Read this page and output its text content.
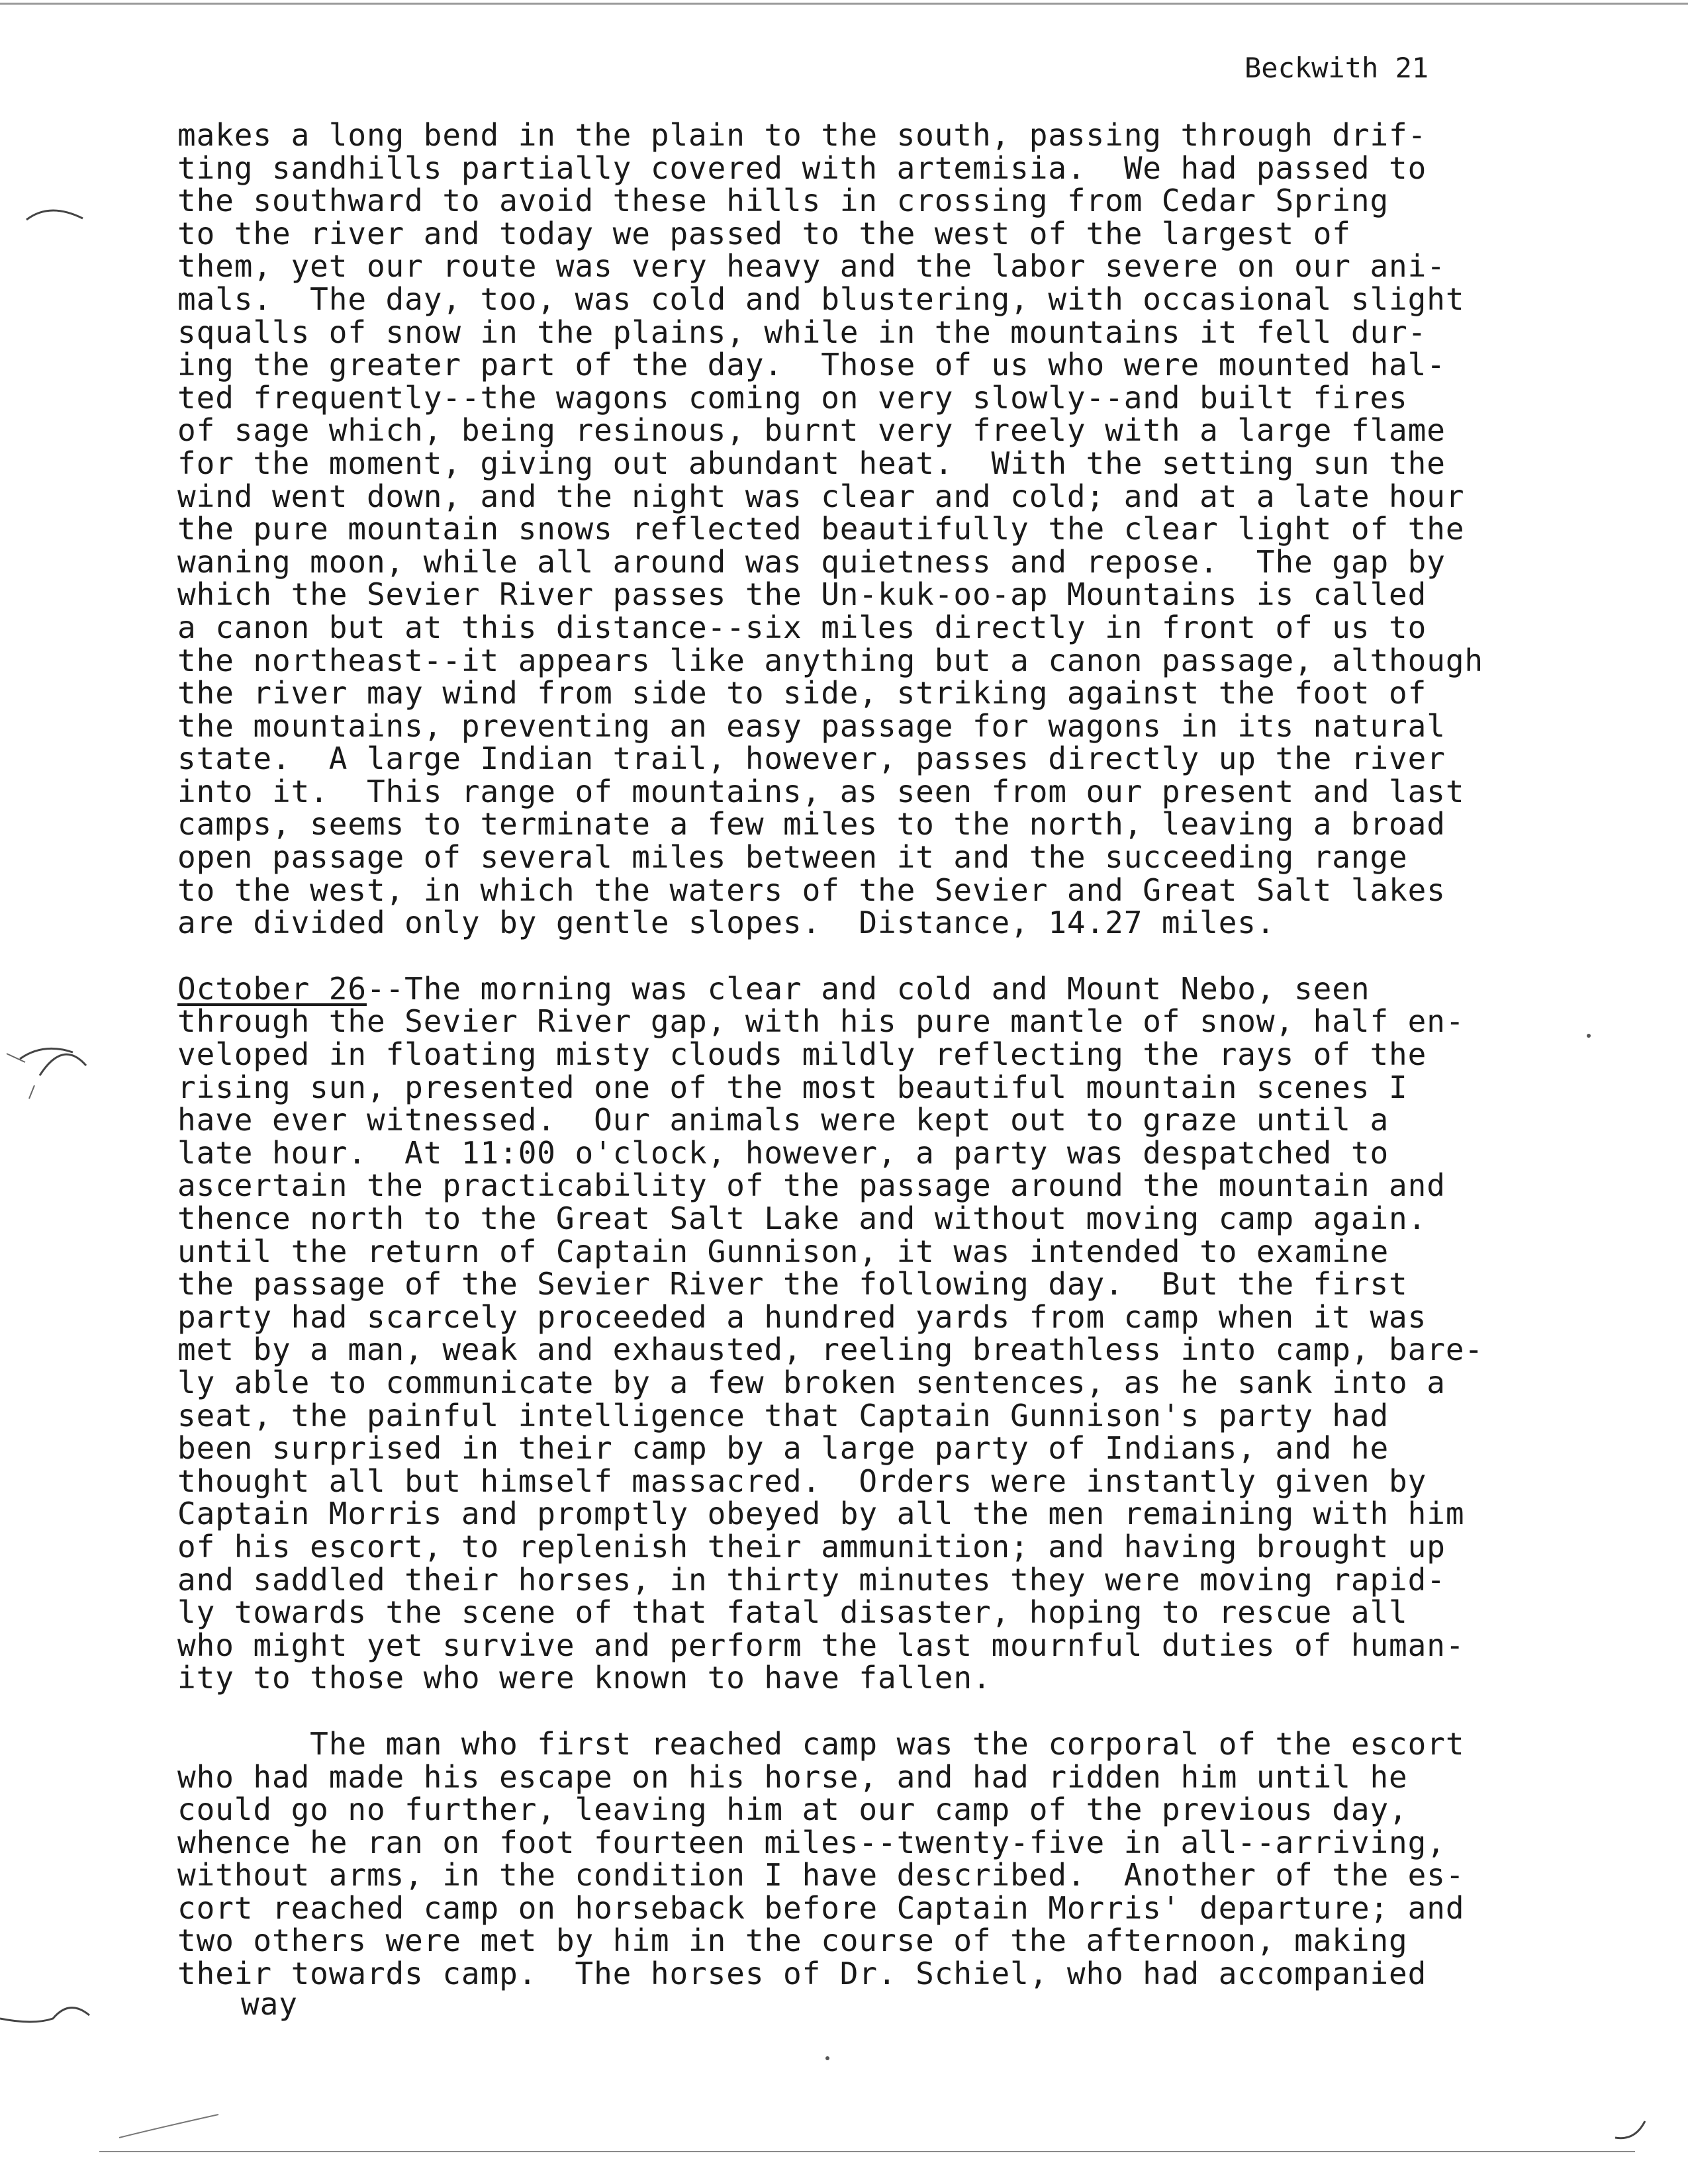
Beckwith 21
makes a long bend in the plain to the south, passing through drif-
ting sandhills partially covered with artemisia.  We had passed to
the southward to avoid these hills in crossing from Cedar Spring
to the river and today we passed to the west of the largest of
them, yet our route was very heavy and the labor severe on our ani-
mals.  The day, too, was cold and blustering, with occasional slight
squalls of snow in the plains, while in the mountains it fell dur-
ing the greater part of the day.  Those of us who were mounted hal-
ted frequently--the wagons coming on very slowly--and built fires
of sage which, being resinous, burnt very freely with a large flame
for the moment, giving out abundant heat.  With the setting sun the
wind went down, and the night was clear and cold; and at a late hour
the pure mountain snows reflected beautifully the clear light of the
waning moon, while all around was quietness and repose.  The gap by
which the Sevier River passes the Un-kuk-oo-ap Mountains is called
a canon but at this distance--six miles directly in front of us to
the northeast--it appears like anything but a canon passage, although
the river may wind from side to side, striking against the foot of
the mountains, preventing an easy passage for wagons in its natural
state.  A large Indian trail, however, passes directly up the river
into it.  This range of mountains, as seen from our present and last
camps, seems to terminate a few miles to the north, leaving a broad
open passage of several miles between it and the succeeding range
to the west, in which the waters of the Sevier and Great Salt lakes
are divided only by gentle slopes.  Distance, 14.27 miles.
October 26--The morning was clear and cold and Mount Nebo, seen
through the Sevier River gap, with his pure mantle of snow, half en-
veloped in floating misty clouds mildly reflecting the rays of the
rising sun, presented one of the most beautiful mountain scenes I
have ever witnessed.  Our animals were kept out to graze until a
late hour.  At 11:00 o'clock, however, a party was despatched to
ascertain the practicability of the passage around the mountain and
thence north to the Great Salt Lake and without moving camp again.
until the return of Captain Gunnison, it was intended to examine
the passage of the Sevier River the following day.  But the first
party had scarcely proceeded a hundred yards from camp when it was
met by a man, weak and exhausted, reeling breathless into camp, bare-
ly able to communicate by a few broken sentences, as he sank into a
seat, the painful intelligence that Captain Gunnison's party had
been surprised in their camp by a large party of Indians, and he
thought all but himself massacred.  Orders were instantly given by
Captain Morris and promptly obeyed by all the men remaining with him
of his escort, to replenish their ammunition; and having brought up
and saddled their horses, in thirty minutes they were moving rapid-
ly towards the scene of that fatal disaster, hoping to rescue all
who might yet survive and perform the last mournful duties of human-
ity to those who were known to have fallen.
The man who first reached camp was the corporal of the escort
who had made his escape on his horse, and had ridden him until he
could go no further, leaving him at our camp of the previous day,
whence he ran on foot fourteen miles--twenty-five in all--arriving,
without arms, in the condition I have described.  Another of the es-
cort reached camp on horseback before Captain Morris' departure; and
two others were met by him in the course of the afternoon, making
their towards camp.  The horses of Dr. Schiel, who had accompanied
way
